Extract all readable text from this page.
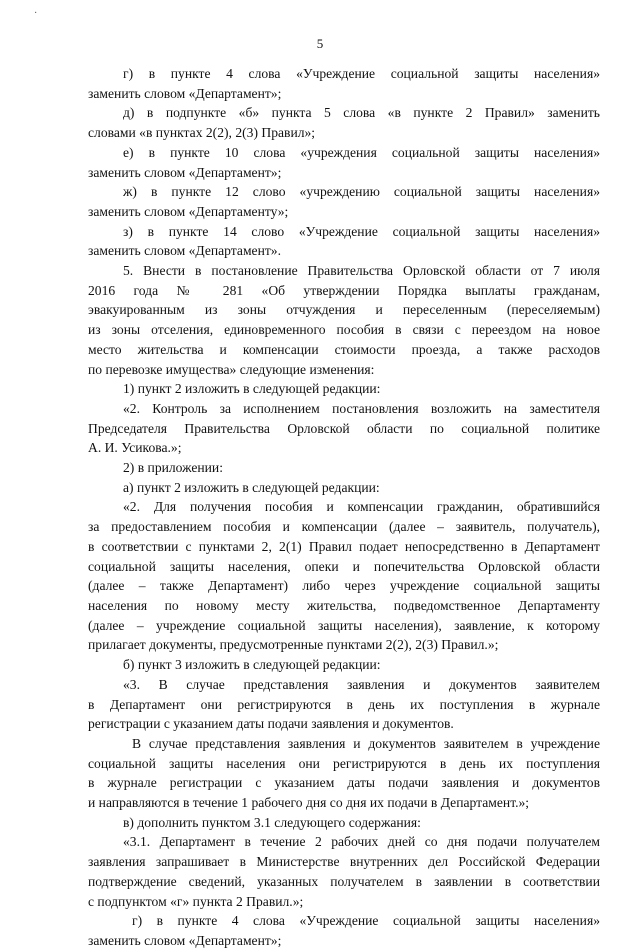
·
5

г) в пункте 4 слова «Учреждение социальной защиты населения»

заменить словом «Департамент»;

д) в подпункте «б» пункта 5 слова «в пункте 2 Правил» заменить

словами «в пунктах 2(2), 2(3) Правил»;

е) в пункте 10 слова «учреждения социальной защиты населения»

заменить словом «Департамент»;

ж) в пункте 12 слово «учреждению социальной защиты населения»

заменить словом «Департаменту»;

з) в пункте 14 слово «Учреждение социальной защиты населения»

заменить словом «Департамент».

5. Внести в постановление Правительства Орловской области от 7 июля

2016 года № 281 «Об утверждении Порядка выплаты гражданам,

эвакуированным из зоны отчуждения и переселенным (переселяемым)

из зоны отселения, единовременного пособия в связи с переездом на новое

место жительства и компенсации стоимости проезда, а также расходов

по перевозке имущества» следующие изменения:

1) пункт 2 изложить в следующей редакции:

«2. Контроль за исполнением постановления возложить на заместителя

Председателя Правительства Орловской области по социальной политике

А. И. Усикова.»;

2) в приложении:

а) пункт 2 изложить в следующей редакции:

«2. Для получения пособия и компенсации гражданин, обратившийся

за предоставлением пособия и компенсации (далее – заявитель, получатель),

в соответствии с пунктами 2, 2(1) Правил подает непосредственно в Департамент

социальной защиты населения, опеки и попечительства Орловской области

(далее – также Департамент) либо через учреждение социальной защиты

населения по новому месту жительства, подведомственное Департаменту

(далее – учреждение социальной защиты населения), заявление, к которому

прилагает документы, предусмотренные пунктами 2(2), 2(3) Правил.»;

б) пункт 3 изложить в следующей редакции:

«3. В случае представления заявления и документов заявителем

в Департамент они регистрируются в день их поступления в журнале

регистрации с указанием даты подачи заявления и документов.

В случае представления заявления и документов заявителем в учреждение

социальной защиты населения они регистрируются в день их поступления

в журнале регистрации с указанием даты подачи заявления и документов

и направляются в течение 1 рабочего дня со дня их подачи в Департамент.»;

в) дополнить пунктом 3.1 следующего содержания:

«3.1. Департамент в течение 2 рабочих дней со дня подачи получателем

заявления запрашивает в Министерстве внутренних дел Российской Федерации

подтверждение сведений, указанных получателем в заявлении в соответствии

с подпунктом «г» пункта 2 Правил.»;

г) в пункте 4 слова «Учреждение социальной защиты населения»

заменить словом «Департамент»;
